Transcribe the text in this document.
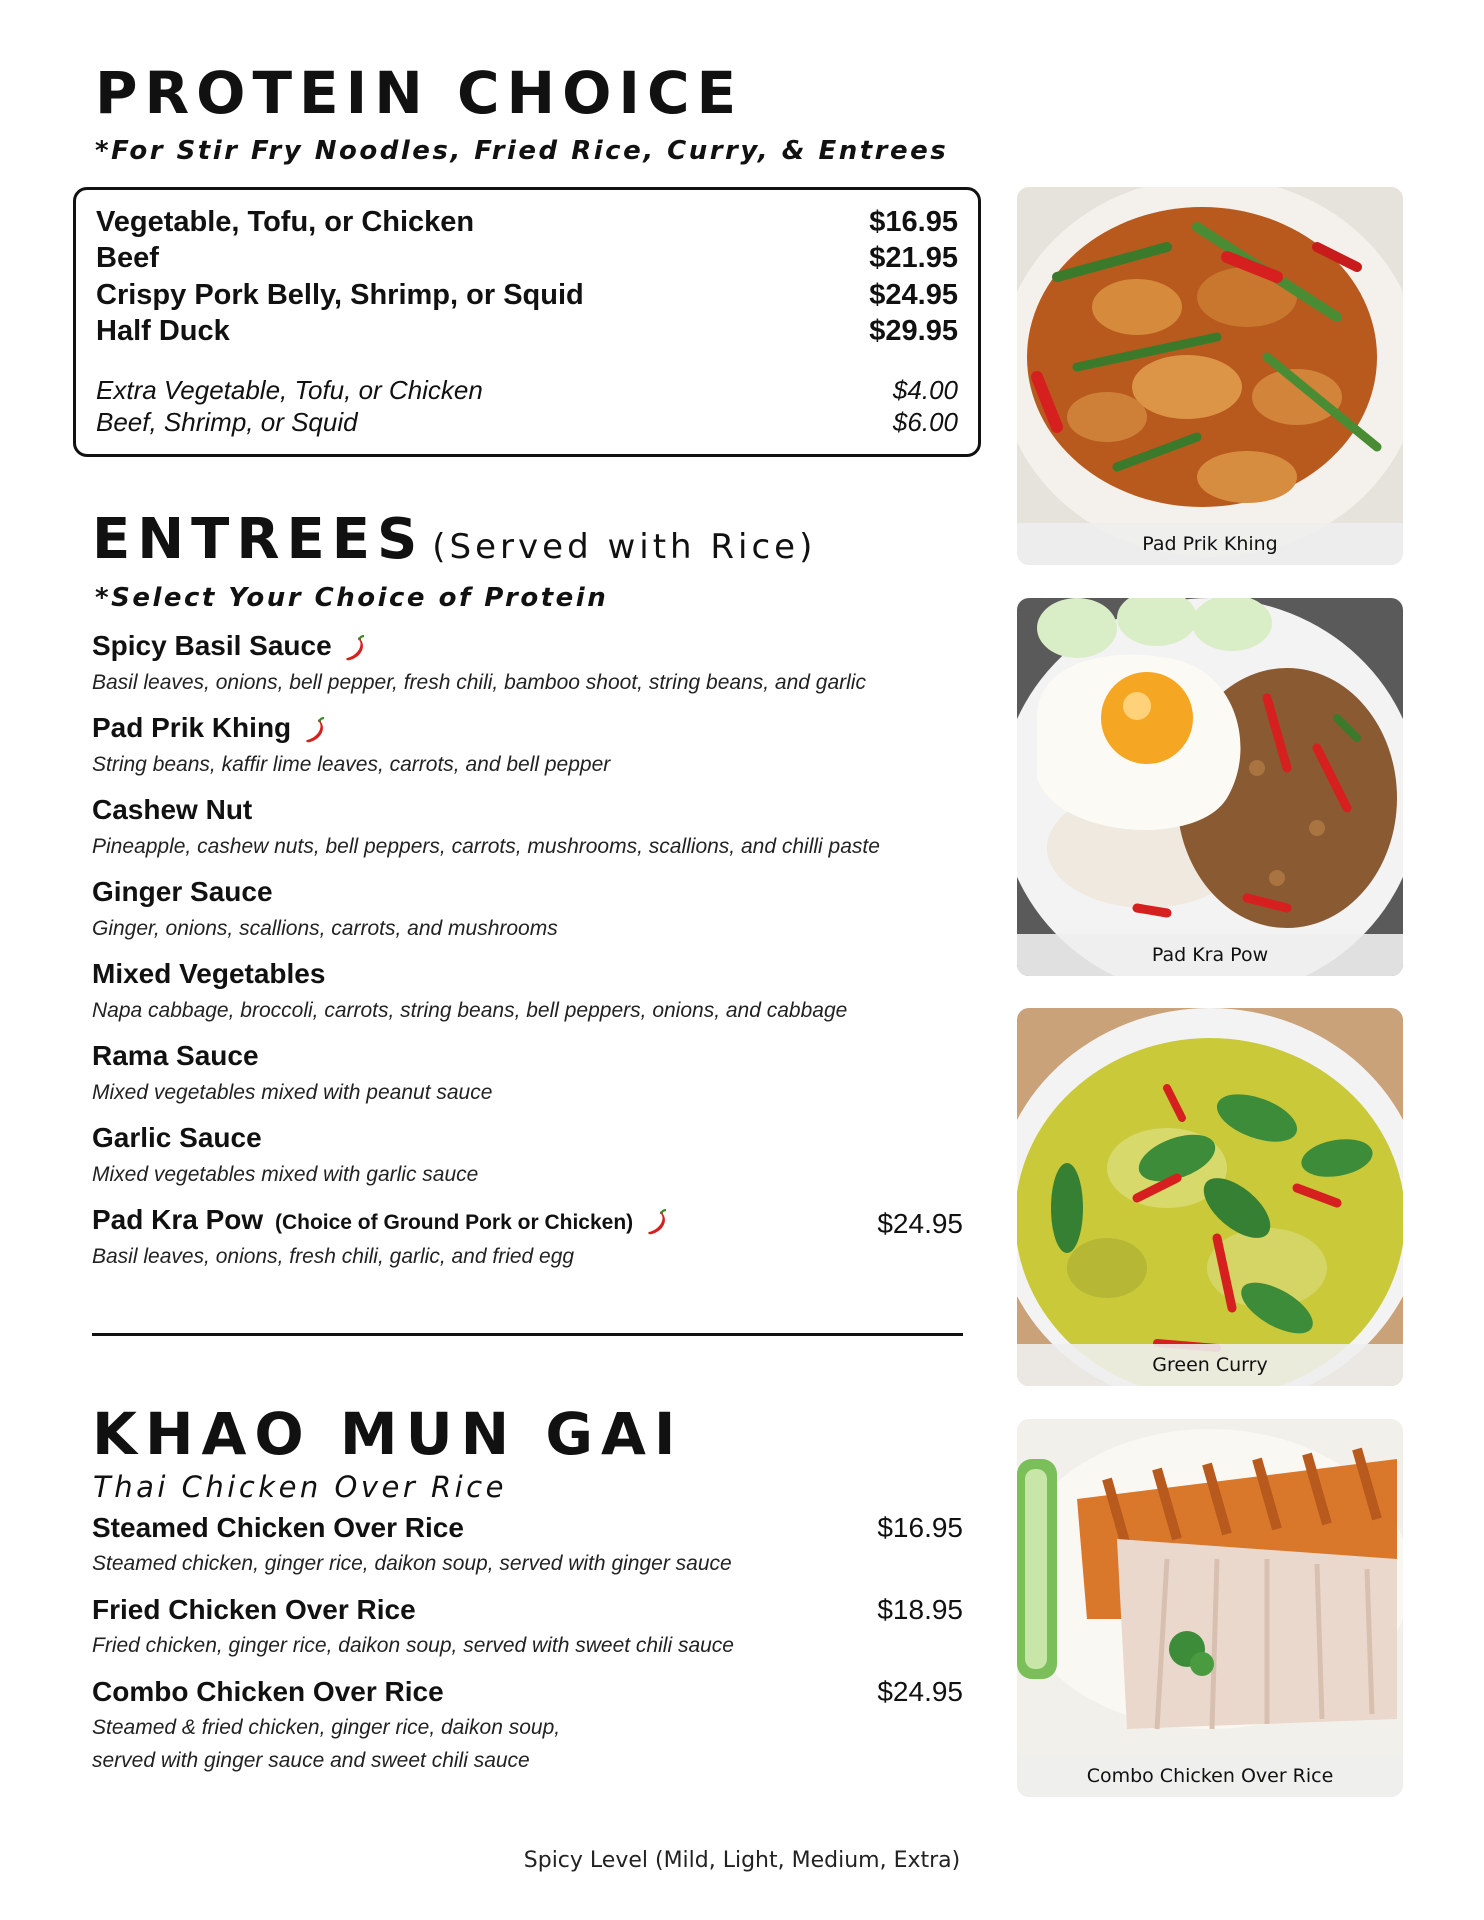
PROTEIN CHOICE
*For Stir Fry Noodles, Fried Rice, Curry, & Entrees
Vegetable, Tofu, or Chicken	$16.95
Beef	$21.95
Crispy Pork Belly, Shrimp, or Squid	$24.95
Half Duck	$29.95
Extra Vegetable, Tofu, or Chicken	$4.00
Beef, Shrimp, or Squid	$6.00
ENTREES (Served with Rice)
*Select Your Choice of Protein
Spicy Basil Sauce
Basil leaves, onions, bell pepper, fresh chili, bamboo shoot, string beans, and garlic
Pad Prik Khing
String beans, kaffir lime leaves, carrots, and bell pepper
Cashew Nut
Pineapple, cashew nuts, bell peppers, carrots, mushrooms, scallions, and chilli paste
Ginger Sauce
Ginger, onions, scallions, carrots, and mushrooms
Mixed Vegetables
Napa cabbage, broccoli, carrots, string beans, bell peppers, onions, and cabbage
Rama Sauce
Mixed vegetables mixed with peanut sauce
Garlic Sauce
Mixed vegetables mixed with garlic sauce
Pad Kra Pow (Choice of Ground Pork or Chicken)	$24.95
Basil leaves, onions, fresh chili, garlic, and fried egg
KHAO MUN GAI
Thai Chicken Over Rice
Steamed Chicken Over Rice	$16.95
Steamed chicken, ginger rice, daikon soup, served with ginger sauce
Fried Chicken Over Rice	$18.95
Fried chicken, ginger rice, daikon soup, served with sweet chili sauce
Combo Chicken Over Rice	$24.95
Steamed & fried chicken, ginger rice, daikon soup,
served with ginger sauce and sweet chili sauce
Pad Prik Khing
Pad Kra Pow
Green Curry
Combo Chicken Over Rice
Spicy Level (Mild, Light, Medium, Extra)
